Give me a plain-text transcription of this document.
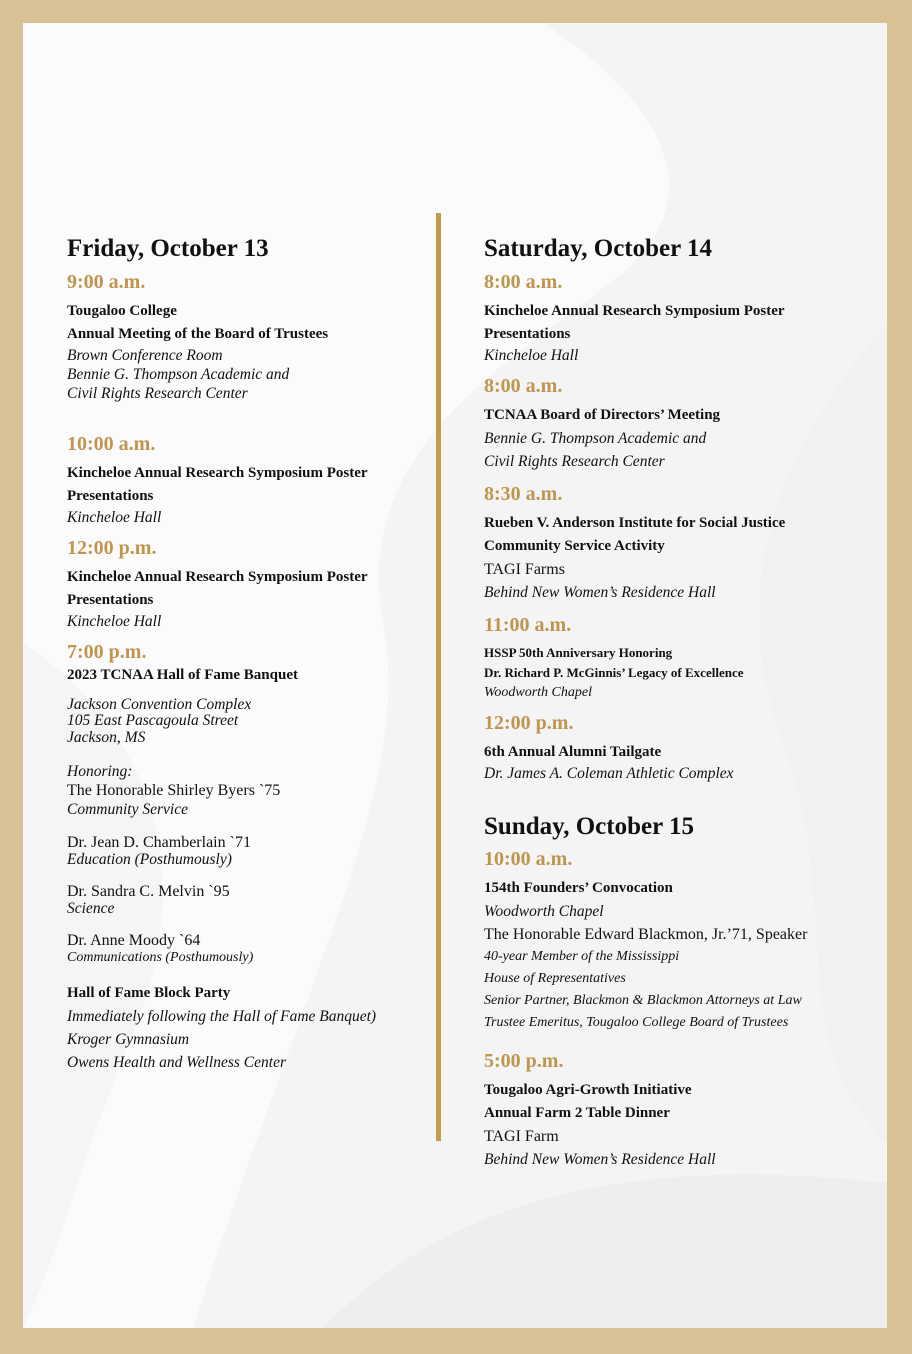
Friday, October 13
9:00 a.m.
Tougaloo College
Annual Meeting of the Board of Trustees
Brown Conference Room
Bennie G. Thompson Academic and
Civil Rights Research Center
10:00 a.m.
Kincheloe Annual Research Symposium Poster
Presentations
Kincheloe Hall
12:00 p.m.
Kincheloe Annual Research Symposium Poster
Presentations
Kincheloe Hall
7:00 p.m.
2023 TCNAA Hall of Fame Banquet
Jackson Convention Complex
105 East Pascagoula Street
Jackson, MS
Honoring:
The Honorable Shirley Byers `75
Community Service
Dr. Jean D. Chamberlain `71
Education (Posthumously)
Dr. Sandra C. Melvin `95
Science
Dr. Anne Moody `64
Communications (Posthumously)
Hall of Fame Block Party
Immediately following the Hall of Fame Banquet)
Kroger Gymnasium
Owens Health and Wellness Center
Saturday, October 14
8:00 a.m.
Kincheloe Annual Research Symposium Poster
Presentations
Kincheloe Hall
8:00 a.m.
TCNAA Board of Directors’ Meeting
Bennie G. Thompson Academic and
Civil Rights Research Center
8:30 a.m.
Rueben V. Anderson Institute for Social Justice
Community Service Activity
TAGI Farms
Behind New Women’s Residence Hall
11:00 a.m.
HSSP 50th Anniversary Honoring
Dr. Richard P. McGinnis’ Legacy of Excellence
Woodworth Chapel
12:00 p.m.
6th Annual Alumni Tailgate
Dr. James A. Coleman Athletic Complex
Sunday, October 15
10:00 a.m.
154th Founders’ Convocation
Woodworth Chapel
The Honorable Edward Blackmon, Jr.’71, Speaker
40-year Member of the Mississippi
House of Representatives
Senior Partner, Blackmon & Blackmon Attorneys at Law
Trustee Emeritus, Tougaloo College Board of Trustees
5:00 p.m.
Tougaloo Agri-Growth Initiative
Annual Farm 2 Table Dinner
TAGI Farm
Behind New Women’s Residence Hall
